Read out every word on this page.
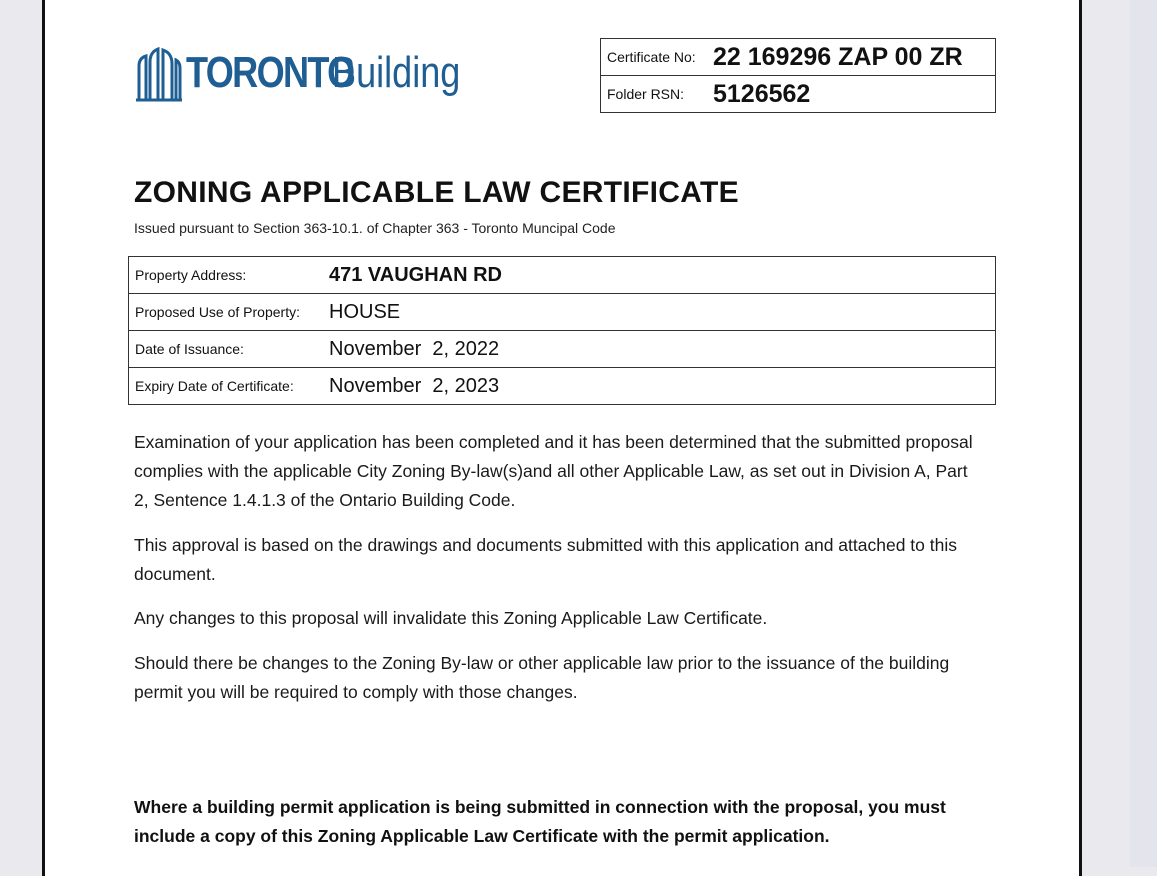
TORONTO
Building	Certificate No: 22 169296 ZAP 00 ZR
Folder RSN:	5126562
ZONING APPLICABLE LAW CERTIFICATE
Issued pursuant to Section 363-10.1. of Chapter 363 - Toronto Muncipal Code
Property Address:	471 VAUGHAN RD
Proposed Use of Property:	HOUSE
Date of Issuance:	November  2, 2022
Expiry Date of Certificate:	November  2, 2023

Examination of your application has been completed and it has been determined that the submitted proposal complies with the applicable City Zoning By-law(s)and all other Applicable Law, as set out in Division A, Part 2, Sentence 1.4.1.3 of the Ontario Building Code.

This approval is based on the drawings and documents submitted with this application and attached to this document.

Any changes to this proposal will invalidate this Zoning Applicable Law Certificate.

Should there be changes to the Zoning By-law or other applicable law prior to the issuance of the building permit you will be required to comply with those changes.

Where a building permit application is being submitted in connection with the proposal, you must include a copy of this Zoning Applicable Law Certificate with the permit application.
